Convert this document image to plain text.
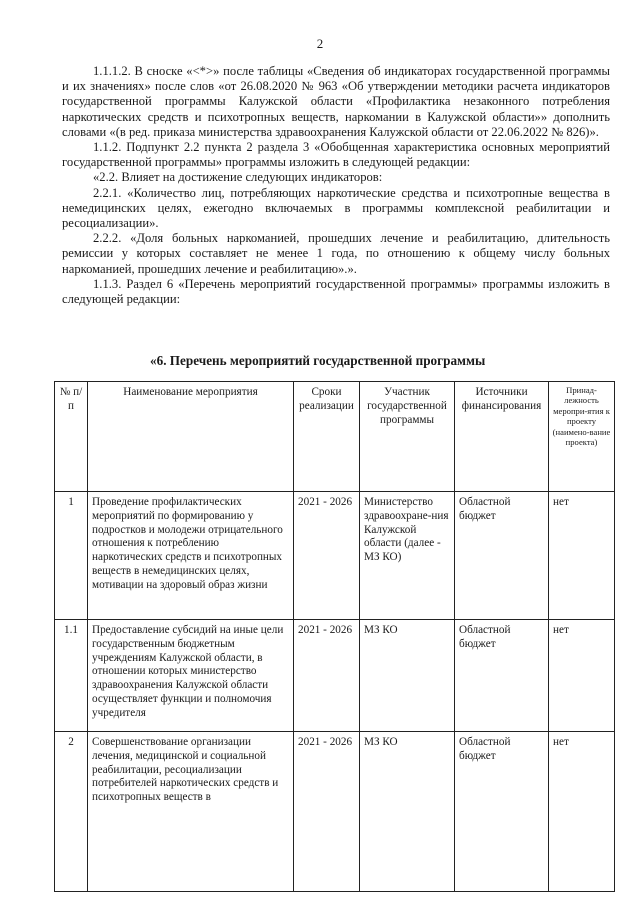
2

1.1.1.2. В сноске «<*>» после таблицы «Сведения об индикаторах государственной программы и их значениях» после слов «от 26.08.2020 № 963 «Об утверждении методики расчета индикаторов государственной программы Калужской области «Профилактика незаконного потребления наркотических средств и психотропных веществ, наркомании в Калужской области»» дополнить словами «(в ред. приказа министерства здравоохранения Калужской области от 22.06.2022 № 826)».

1.1.2. Подпункт 2.2 пункта 2 раздела 3 «Обобщенная характеристика основных мероприятий государственной программы» программы изложить в следующей редакции:

«2.2. Влияет на достижение следующих индикаторов:

2.2.1. «Количество лиц, потребляющих наркотические средства и психотропные вещества в немедицинских целях, ежегодно включаемых в программы комплексной реабилитации и ресоциализации».

2.2.2. «Доля больных наркоманией, прошедших лечение и реабилитацию, длительность ремиссии у которых составляет не менее 1 года, по отношению к общему числу больных наркоманией, прошедших лечение и реабилитацию».».

1.1.3. Раздел 6 «Перечень мероприятий государственной программы» программы изложить в следующей редакции:

«6. Перечень мероприятий государственной программы
№ п/п	Наименование мероприятия	Сроки реализации	Участник государственной программы	Источники финансирования	Принад-лежность меропри-ятия к проекту (наимено-вание проекта)
1	Проведение профилактических мероприятий по формированию у подростков и молодежи отрицательного отношения к потреблению наркотических средств и психотропных веществ в немедицинских целях, мотивации на здоровый образ жизни	2021 - 2026	Министерство здравоохране-ния Калужской области (далее - МЗ КО)	Областной бюджет	нет
1.1	Предоставление субсидий на иные цели государственным бюджетным учреждениям Калужской области, в отношении которых министерство здравоохранения Калужской области осуществляет функции и полномочия учредителя	2021 - 2026	МЗ КО	Областной бюджет	нет
2	Совершенствование организации лечения, медицинской и социальной реабилитации, ресоциализации потребителей наркотических средств и психотропных веществ в	2021 - 2026	МЗ КО	Областной бюджет	нет
